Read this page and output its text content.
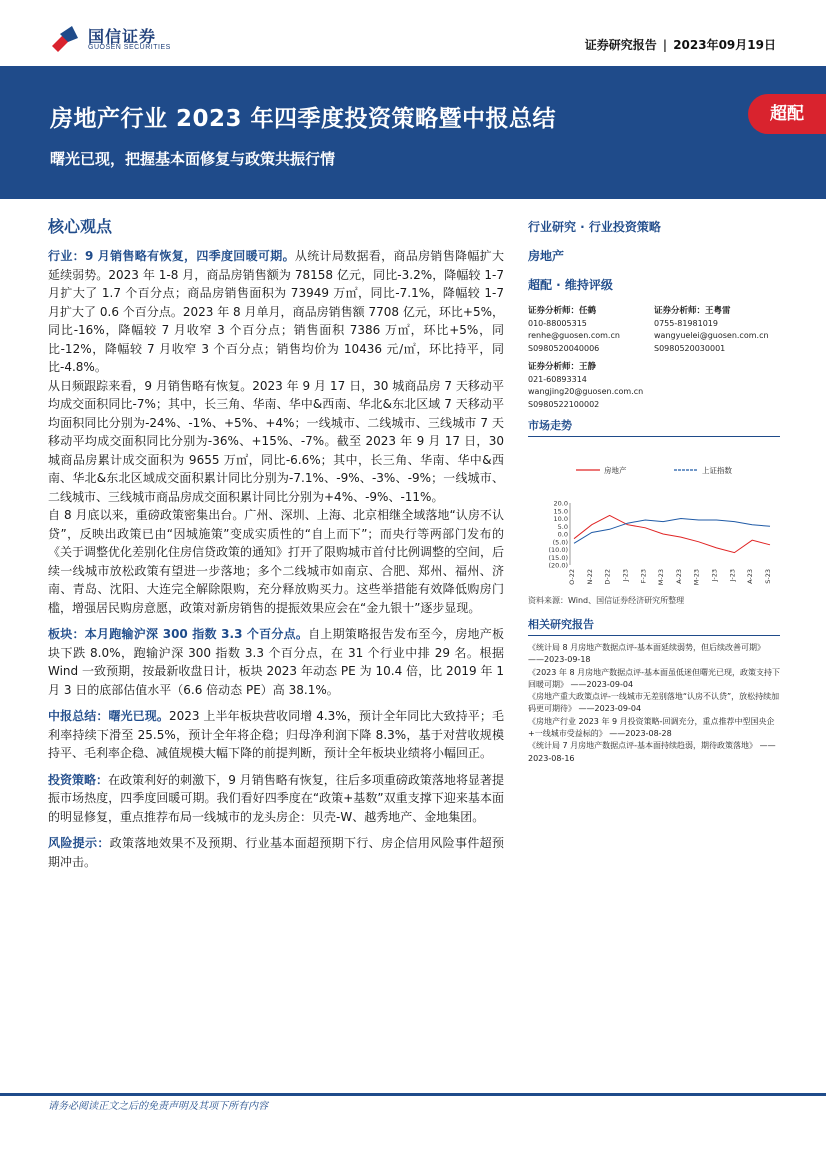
国信证券
GUOSEN SECURITIES	证券研究报告 | 2023年09月19日
房地产行业 2023 年四季度投资策略暨中报总结
曙光已现，把握基本面修复与政策共振行情
超配
核心观点

行业：9 月销售略有恢复，四季度回暖可期。从统计局数据看，商品房销售降幅扩大延续弱势。2023 年 1-8 月，商品房销售额为 78158 亿元，同比-3.2%，降幅较 1-7 月扩大了 1.7 个百分点；商品房销售面积为 73949 万㎡，同比-7.1%，降幅较 1-7 月扩大了 0.6 个百分点。2023 年 8 月单月，商品房销售额 7708 亿元，环比+5%，同比-16%，降幅较 7 月收窄 3 个百分点；销售面积 7386 万㎡，环比+5%，同比-12%，降幅较 7 月收窄 3 个百分点；销售均价为 10436 元/㎡，环比持平，同比-4.8%。

从日频跟踪来看，9 月销售略有恢复。2023 年 9 月 17 日，30 城商品房 7 天移动平均成交面积同比-7%；其中，长三角、华南、华中&西南、华北&东北区域 7 天移动平均面积同比分别为-24%、-1%、+5%、+4%；一线城市、二线城市、三线城市 7 天移动平均成交面积同比分别为-36%、+15%、-7%。截至 2023 年 9 月 17 日，30 城商品房累计成交面积为 9655 万㎡，同比-6.6%；其中，长三角、华南、华中&西南、华北&东北区域成交面积累计同比分别为-7.1%、-9%、-3%、-9%；一线城市、二线城市、三线城市商品房成交面积累计同比分别为+4%、-9%、-11%。

自 8 月底以来，重磅政策密集出台。广州、深圳、上海、北京相继全域落地“认房不认贷”，反映出政策已由“因城施策”变成实质性的“自上而下”；而央行等两部门发布的《关于调整优化差别化住房信贷政策的通知》打开了限购城市首付比例调整的空间，后续一线城市放松政策有望进一步落地；多个二线城市如南京、合肥、郑州、福州、济南、青岛、沈阳、大连完全解除限购，充分释放购买力。这些举措能有效降低购房门槛，增强居民购房意愿，政策对新房销售的提振效果应会在“金九银十”逐步显现。

板块：本月跑输沪深 300 指数 3.3 个百分点。自上期策略报告发布至今，房地产板块下跌 8.0%，跑输沪深 300 指数 3.3 个百分点，在 31 个行业中排 29 名。根据 Wind 一致预期，按最新收盘日计，板块 2023 年动态 PE 为 10.4 倍，比 2019 年 1 月 3 日的底部估值水平（6.6 倍动态 PE）高 38.1%。

中报总结：曙光已现。2023 上半年板块营收同增 4.3%，预计全年同比大致持平；毛利率持续下滑至 25.5%，预计全年将企稳；归母净利润下降 8.3%，基于对营收规模持平、毛利率企稳、减值规模大幅下降的前提判断，预计全年板块业绩将小幅回正。

投资策略：在政策利好的刺激下，9 月销售略有恢复，往后多项重磅政策落地将显著提振市场热度，四季度回暖可期。我们看好四季度在“政策+基数”双重支撑下迎来基本面的明显修复，重点推荐布局一线城市的龙头房企：贝壳-W、越秀地产、金地集团。

风险提示：政策落地效果不及预期、行业基本面超预期下行、房企信用风险事件超预期冲击。

行业研究 · 行业投资策略
房地产
超配 · 维持评级
证券分析师：任鹤
010-88005315
renhe@guosen.com.cn
S0980520040006
证券分析师：王粤雷
0755-81981019
wangyuelei@guosen.com.cn
S0980520030001
证券分析师：王静
021-60893314
wangjing20@guosen.com.cn
S0980522100002
市场走势
房地产	上证指数
20.0
15.0
10.0
5.0
0.0
(5.0)
(10.0)
(15.0)
(20.0)
O-22 N-22 D-22 J-23 F-23 M-23 A-23 M-23 J-23 J-23 A-23 S-23
资料来源：Wind、国信证券经济研究所整理
相关研究报告
《统计局 8 月房地产数据点评-基本面延续弱势，但后续改善可期》 ——2023-09-18
《2023 年 8 月房地产数据点评-基本面虽低迷但曙光已现，政策支持下回暖可期》 ——2023-09-04
《房地产重大政策点评-一线城市无差别落地“认房不认贷”，放松持续加码更可期待》 ——2023-09-04
《房地产行业 2023 年 9 月投资策略-回调充分，重点推荐中型国央企+一线城市受益标的》 ——2023-08-28
《统计局 7 月房地产数据点评-基本面持续趋弱，期待政策落地》 ——2023-08-16
请务必阅读正文之后的免责声明及其项下所有内容
